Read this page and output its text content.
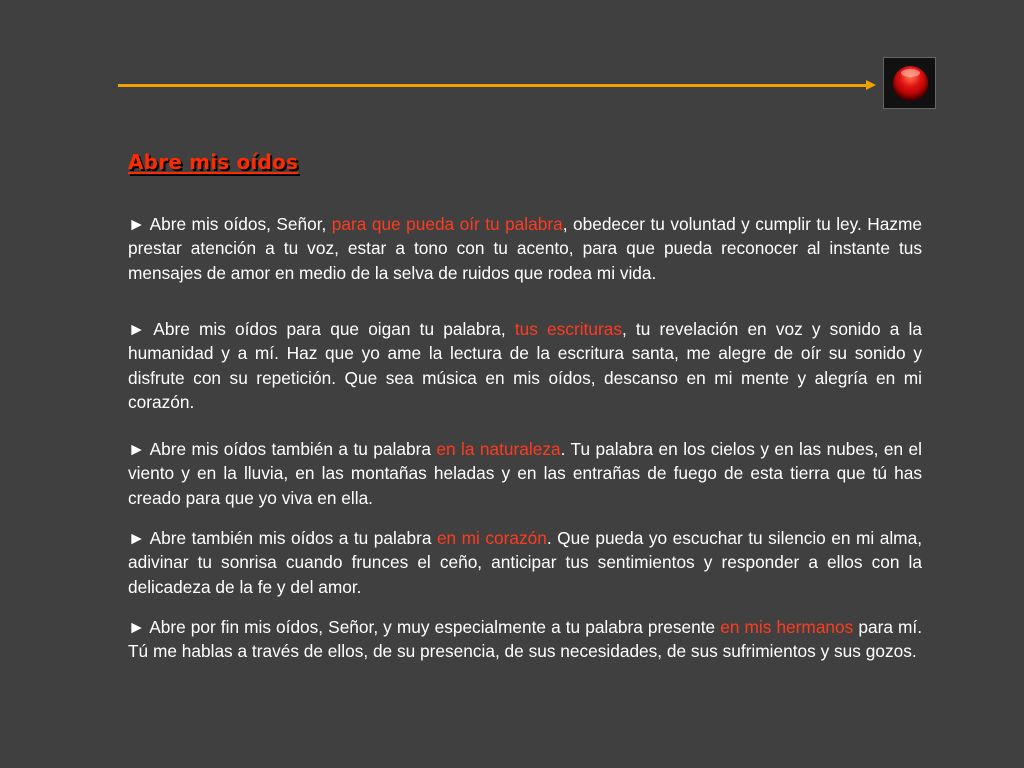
Abre mis oídos

► Abre mis oídos, Señor, para que pueda oír tu palabra, obedecer tu voluntad y cumplir tu ley. Hazme prestar atención a tu voz, estar a tono con tu acento, para que pueda reconocer al instante tus mensajes de amor en medio de la selva de ruidos que rodea mi vida.

► Abre mis oídos para que oigan tu palabra, tus escrituras, tu revelación en voz y sonido a la humanidad y a mí. Haz que yo ame la lectura de la escritura santa, me alegre de oír su sonido y disfrute con su repetición. Que sea música en mis oídos, descanso en mi mente y alegría en mi corazón.

► Abre mis oídos también a tu palabra en la naturaleza. Tu palabra en los cielos y en las nubes, en el viento y en la lluvia, en las montañas heladas y en las entrañas de fuego de esta tierra que tú has creado para que yo viva en ella.

► Abre también mis oídos a tu palabra en mi corazón. Que pueda yo escuchar tu silencio en mi alma, adivinar tu sonrisa cuando frunces el ceño, anticipar tus sentimientos y responder a ellos con la delicadeza de la fe y del amor.

► Abre por fin mis oídos, Señor, y muy especialmente a tu palabra presente en mis hermanos para mí. Tú me hablas a través de ellos, de su presencia, de sus necesidades, de sus sufrimientos y sus gozos.
